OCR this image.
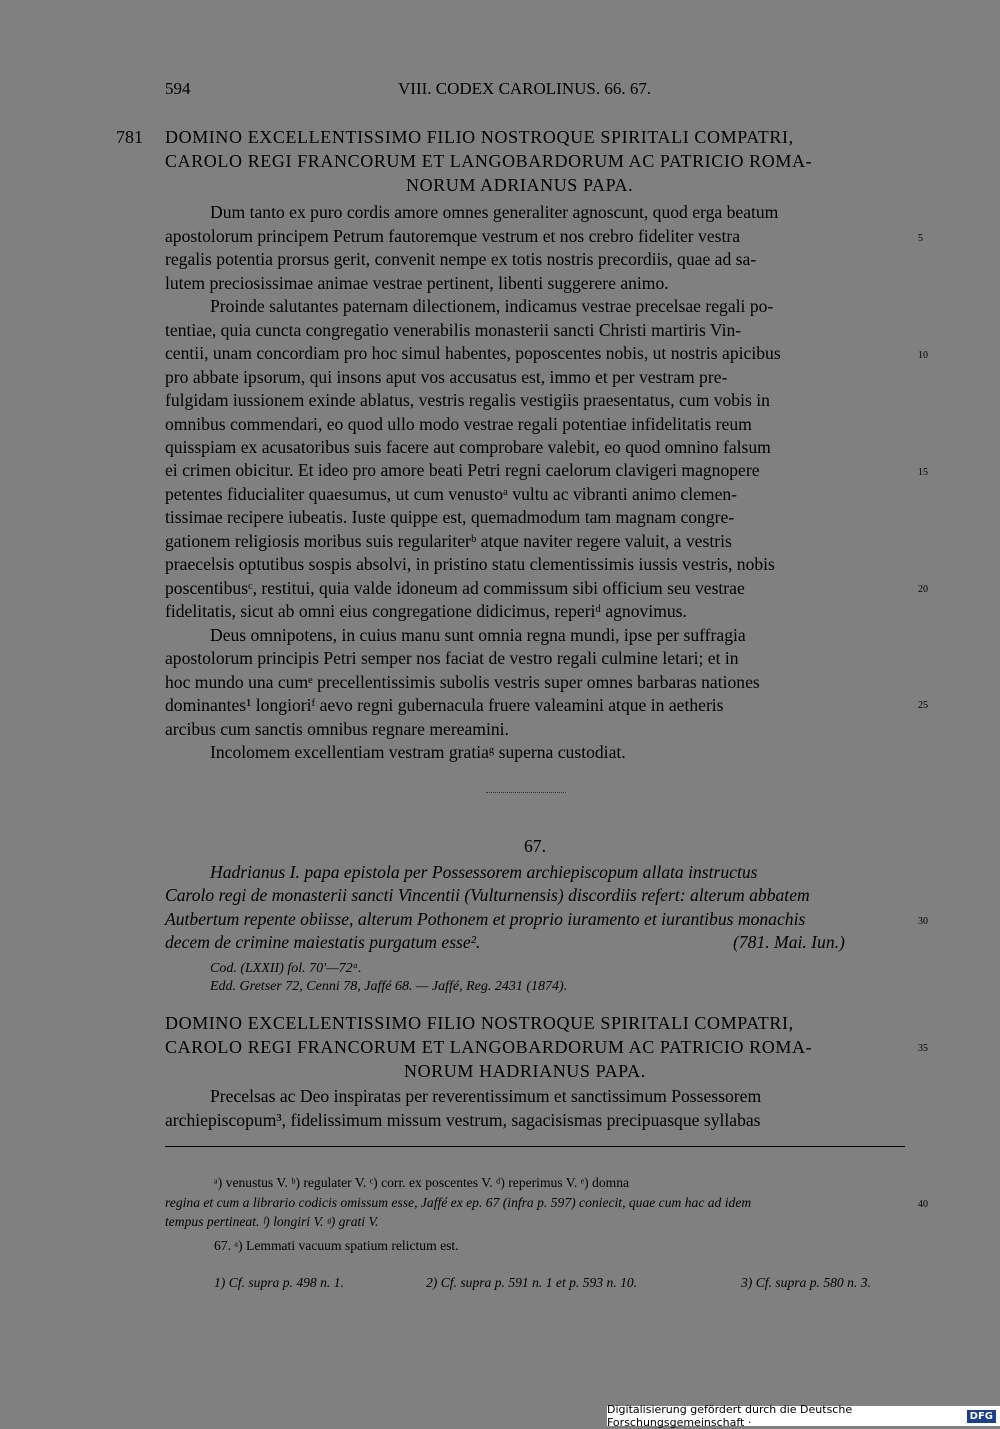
594	VIII. CODEX CAROLINUS. 66. 67.
781 DOMINO EXCELLENTISSIMO FILIO NOSTROQUE SPIRITALI COMPATRI,
CAROLO REGI FRANCORUM ET LANGOBARDORUM AC PATRICIO ROMA-
NORUM ADRIANUS PAPA.
Dum tanto ex puro cordis amore omnes generaliter agnoscunt, quod erga beatum
apostolorum principem Petrum fautoremque vestrum et nos crebro fideliter vestra
regalis potentia prorsus gerit, convenit nempe ex totis nostris precordiis, quae ad sa-
lutem preciosissimae animae vestrae pertinent, libenti suggerere animo.
Proinde salutantes paternam dilectionem, indicamus vestrae precelsae regali po-
tentiae, quia cuncta congregatio venerabilis monasterii sancti Christi martiris Vin-
centii, unam concordiam pro hoc simul habentes, poposcentes nobis, ut nostris apicibus
pro abbate ipsorum, qui insons aput vos accusatus est, immo et per vestram pre-
fulgidam iussionem exinde ablatus, vestris regalis vestigiis praesentatus, cum vobis in
omnibus commendari, eo quod ullo modo vestrae regali potentiae infidelitatis reum
quisspiam ex acusatoribus suis facere aut comprobare valebit, eo quod omnino falsum
ei crimen obicitur. Et ideo pro amore beati Petri regni caelorum clavigeri magnopere
petentes fiducialiter quaesumus, ut cum venustoᵃ vultu ac vibranti animo clemen-
tissimae recipere iubeatis. Iuste quippe est, quemadmodum tam magnam congre-
gationem religiosis moribus suis regulariterᵇ atque naviter regere valuit, a vestris
praecelsis optutibus sospis absolvi, in pristino statu clementissimis iussis vestris, nobis
poscentibusᶜ, restitui, quia valde idoneum ad commissum sibi officium seu vestrae
fidelitatis, sicut ab omni eius congregatione didicimus, reperiᵈ agnovimus.
Deus omnipotens, in cuius manu sunt omnia regna mundi, ipse per suffragia
apostolorum principis Petri semper nos faciat de vestro regali culmine letari; et in
hoc mundo una cumᵉ precellentissimis subolis vestris super omnes barbaras nationes
dominantes¹ longioriᶠ aevo regni gubernacula fruere valeamini atque in aetheris
arcibus cum sanctis omnibus regnare mereamini.
Incolomem excellentiam vestram gratiaᵍ superna custodiat.
67.
Hadrianus I. papa epistola per Possessorem archiepiscopum allata instructus
Carolo regi de monasterii sancti Vincentii (Vulturnensis) discordiis refert: alterum abbatem
Autbertum repente obiisse, alterum Pothonem et proprio iuramento et iurantibus monachis
decem de crimine maiestatis purgatum esse².	(781. Mai. Iun.)
Cod. (LXXII) fol. 70'—72ᵃ.
Edd. Gretser 72, Cenni 78, Jaffé 68. — Jaffé, Reg. 2431 (1874).
DOMINO EXCELLENTISSIMO FILIO NOSTROQUE SPIRITALI COMPATRI,
CAROLO REGI FRANCORUM ET LANGOBARDORUM AC PATRICIO ROMA-
NORUM HADRIANUS PAPA.
Precelsas ac Deo inspiratas per reverentissimum et sanctissimum Possessorem
archiepiscopum³, fidelissimum missum vestrum, sagacisismas precipuasque syllabas
ᵃ) venustus V. ᵇ) regulater V. ᶜ) corr. ex poscentes V. ᵈ) reperimus V. ᵉ) domna
regina et cum a librario codicis omissum esse, Jaffé ex ep. 67 (infra p. 597) coniecit, quae cum hac ad idem
tempus pertineat. ᶠ) longiri V. ᵍ) grati V.
67. ᵃ) Lemmati vacuum spatium relictum est.
1) Cf. supra p. 498 n. 1.	2) Cf. supra p. 591 n. 1 et p. 593 n. 10.	3) Cf. supra p. 580 n. 3.
5
10
15
20
25
30
35
40
Digitalisierung gefördert durch die Deutsche Forschungsgemeinschaft ·	DFG
